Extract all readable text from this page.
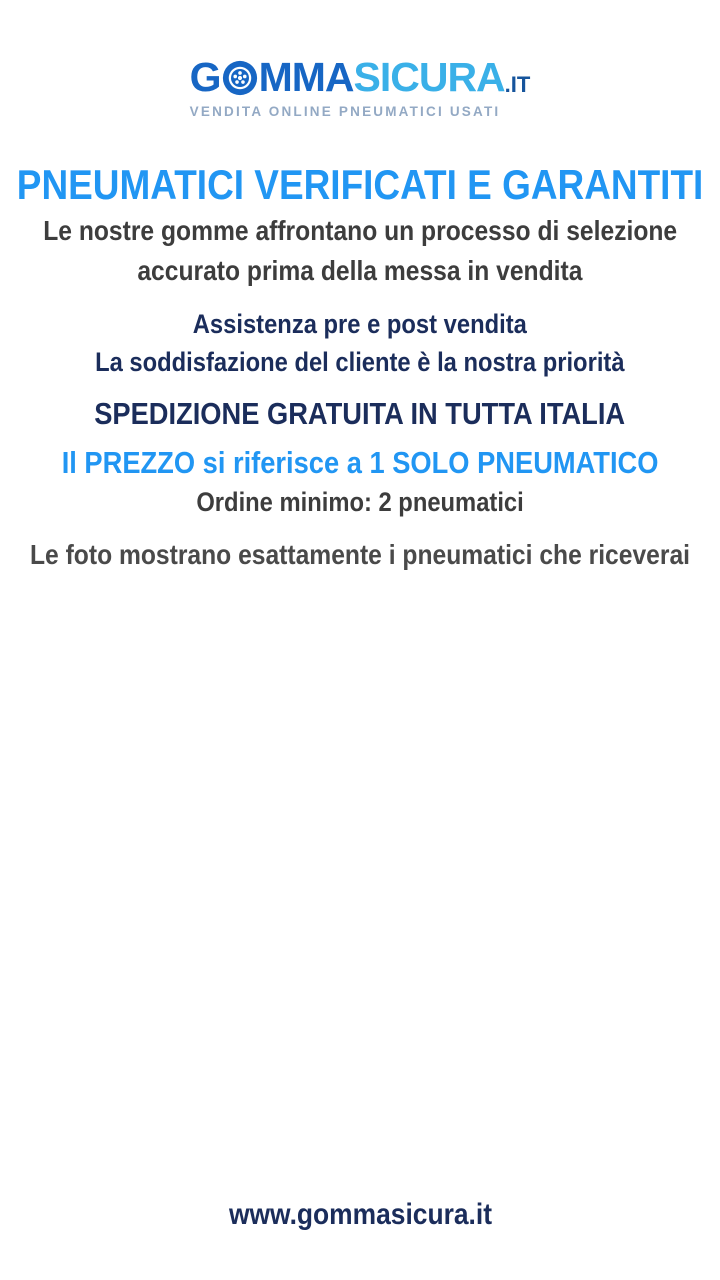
G MMA SICURA .IT
VENDITA ONLINE PNEUMATICI USATI
PNEUMATICI VERIFICATI E GARANTITI
Le nostre gomme affrontano un processo di selezione
accurato prima della messa in vendita
Assistenza pre e post vendita
La soddisfazione del cliente è la nostra priorità
SPEDIZIONE GRATUITA IN TUTTA ITALIA
Il PREZZO si riferisce a 1 SOLO PNEUMATICO
Ordine minimo: 2 pneumatici
Le foto mostrano esattamente i pneumatici che riceverai
www.gommasicura.it
